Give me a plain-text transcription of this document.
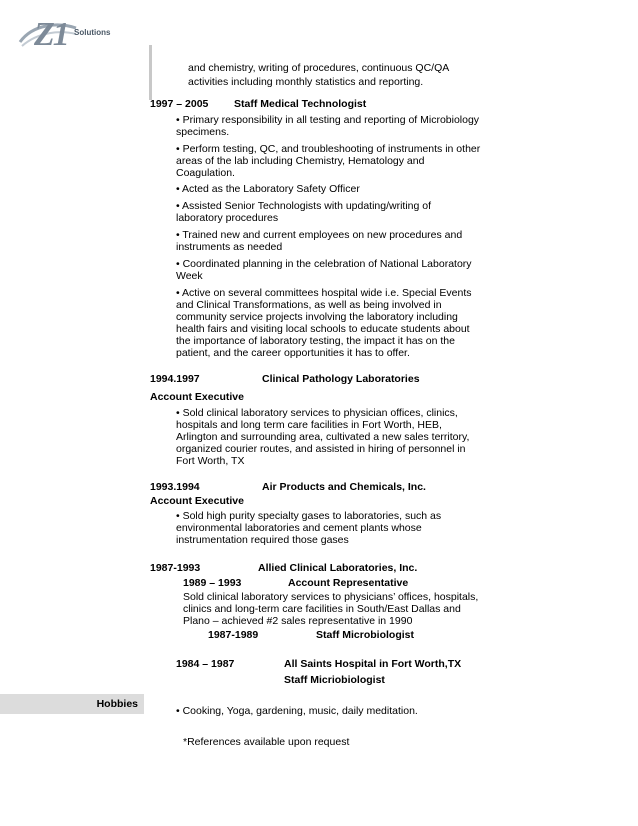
Z1 Solutions
and chemistry, writing of procedures, continuous QC/QA
activities including monthly statistics and reporting.
1997 – 2005 Staff Medical Technologist
• Primary responsibility in all testing and reporting of Microbiology
specimens.
• Perform testing, QC, and troubleshooting of instruments in other
areas of the lab including Chemistry, Hematology and
Coagulation.
• Acted as the Laboratory Safety Officer
• Assisted Senior Technologists with updating/writing of
laboratory procedures
• Trained new and current employees on new procedures and
instruments as needed
• Coordinated planning in the celebration of National Laboratory
Week
• Active on several committees hospital wide i.e. Special Events
and Clinical Transformations, as well as being involved in
community service projects involving the laboratory including
health fairs and visiting local schools to educate students about
the importance of laboratory testing, the impact it has on the
patient, and the career opportunities it has to offer.
1994.1997	Clinical Pathology Laboratories
Account Executive
• Sold clinical laboratory services to physician offices, clinics,
hospitals and long term care facilities in Fort Worth, HEB,
Arlington and surrounding area, cultivated a new sales territory,
organized courier routes, and assisted in hiring of personnel in
Fort Worth, TX
1993.1994	Air Products and Chemicals, Inc.
Account Executive
• Sold high purity specialty gases to laboratories, such as
environmental laboratories and cement plants whose
instrumentation required those gases
1987-1993	Allied Clinical Laboratories, Inc.
1989 – 1993	Account Representative
Sold clinical laboratory services to physicians’ offices, hospitals,
clinics and long-term care facilities in South/East Dallas and
Plano – achieved #2 sales representative in 1990
1987-1989	Staff Microbiologist
1984 – 1987	All Saints Hospital in Fort Worth,TX
Staff Micriobiologist
Hobbies
• Cooking, Yoga, gardening, music, daily meditation.
*References available upon request
